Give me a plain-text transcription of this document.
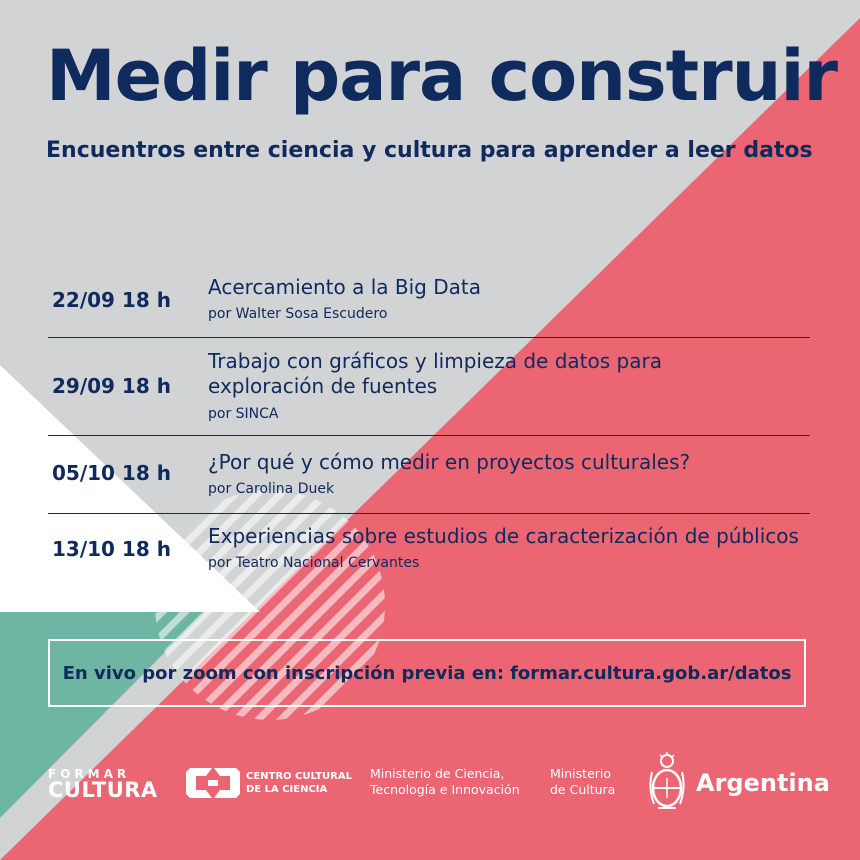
Medir para construir
Encuentros entre ciencia y cultura para aprender a leer datos
22/09 18 h
Acercamiento a la Big Data
por Walter Sosa Escudero
29/09 18 h
Trabajo con gráficos y limpieza de datos para
exploración de fuentes
por SINCA
05/10 18 h ¿Por qué y cómo medir en proyectos culturales?
por Carolina Duek
13/10 18 h
Experiencias sobre estudios de caracterización de públicos
por Teatro Nacional Cervantes
En vivo por zoom con inscripción previa en: formar.cultura.gob.ar/datos
FORMAR
CULTURA
CENTRO CULTURAL
DE LA CIENCIA
Ministerio de Ciencia,
Tecnología e Innovación
Ministerio
de Cultura	Argentina
